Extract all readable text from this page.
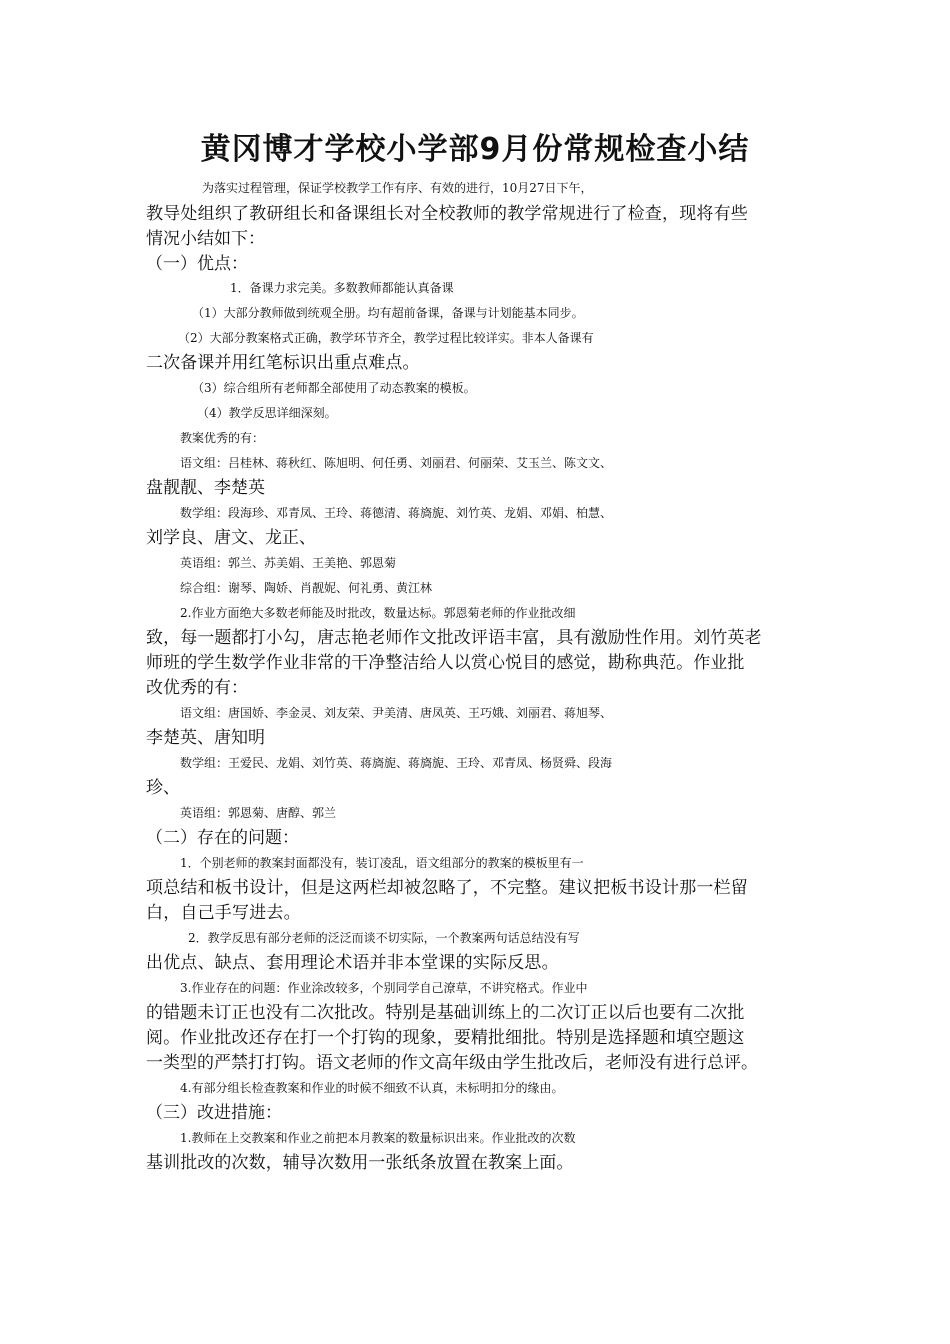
黄冈博才学校小学部9月份常规检查小结
为落实过程管理，保证学校教学工作有序、有效的进行，10月27日下午，
教导处组织了教研组长和备课组长对全校教师的教学常规进行了检查，现将有些
情况小结如下：
（一）优点：
1．备课力求完美。多数教师都能认真备课
（1）大部分教师做到统观全册。均有超前备课，备课与计划能基本同步。
（2）大部分教案格式正确，教学环节齐全，教学过程比较详实。非本人备课有
二次备课并用红笔标识出重点难点。
（3）综合组所有老师都全部使用了动态教案的模板。
（4）教学反思详细深刻。
教案优秀的有：
语文组：吕桂林、蒋秋红、陈旭明、何任勇、刘丽君、何丽荣、艾玉兰、陈文文、
盘靓靓、李楚英
数学组：段海珍、邓青凤、王玲、蒋德清、蒋旖旎、刘竹英、龙娟、邓娟、柏慧、
刘学良、唐文、龙正、
英语组：郭兰、苏美娟、王美艳、郭恩菊
综合组：谢琴、陶娇、肖靓妮、何礼勇、黄江林
2.作业方面绝大多数老师能及时批改，数量达标。郭恩菊老师的作业批改细
致，每一题都打小勾，唐志艳老师作文批改评语丰富，具有激励性作用。刘竹英老
师班的学生数学作业非常的干净整洁给人以赏心悦目的感觉，勘称典范。作业批
改优秀的有：
语文组：唐国娇、李金灵、刘友荣、尹美清、唐凤英、王巧娥、刘丽君、蒋旭琴、
李楚英、唐知明
数学组：王爱民、龙娟、刘竹英、蒋旖旎、蒋旖旎、王玲、邓青凤、杨贤舜、段海
珍、
英语组：郭恩菊、唐醇、郭兰
（二）存在的问题：
1．个别老师的教案封面都没有，装订凌乱，语文组部分的教案的模板里有一
项总结和板书设计，但是这两栏却被忽略了，不完整。建议把板书设计那一栏留
白，自己手写进去。
2．教学反思有部分老师的泛泛而谈不切实际，一个教案两句话总结没有写
出优点、缺点、套用理论术语并非本堂课的实际反思。
3.作业存在的问题：作业涂改较多，个别同学自己潦草，不讲究格式。作业中
的错题未订正也没有二次批改。特别是基础训练上的二次订正以后也要有二次批
阅。作业批改还存在打一个打钩的现象，要精批细批。特别是选择题和填空题这
一类型的严禁打打钩。语文老师的作文高年级由学生批改后，老师没有进行总评。
4.有部分组长检查教案和作业的时候不细致不认真，未标明扣分的缘由。
（三）改进措施：
1.教师在上交教案和作业之前把本月教案的数量标识出来。作业批改的次数
基训批改的次数，辅导次数用一张纸条放置在教案上面。
